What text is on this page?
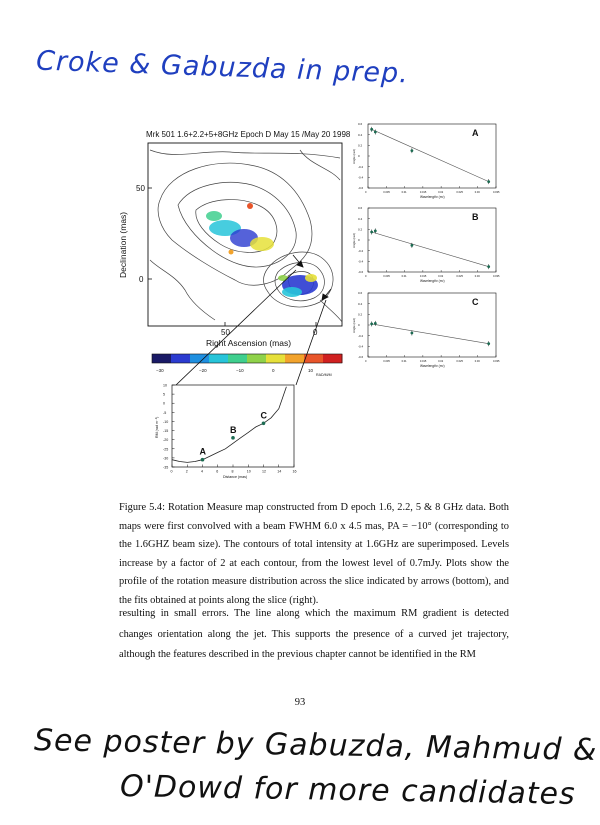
Croke & Gabuzda in prep.
Mrk 501 1.6+2.2+5+8GHz Epoch D May 15 /May 20 1998
50	0
50
0
Right Ascension (mas)
Declination (mas)
−30	−20	−10	0	10
RAD/M/M
0.6
0.4
0.2
0
-0.2
-0.4
-0.6
0	0.005	0.01	0.015	0.02	0.025	0.03	0.035
A
Angle (rad)
Wavelength² (m²)
0.6
0.4
0.2
0
-0.2
-0.4
-0.6
0	0.005	0.01	0.015	0.02	0.025	0.03	0.035
B
Angle (rad)
Wavelength² (m²)
0.6
0.4
0.2
0
-0.2
-0.4
-0.6
0	0.005	0.01	0.015	0.02	0.025	0.03	0.035
C
Angle (rad)
Wavelength² (m²)
10
5
0
-5
-10
-15
-20
-25
-30
-35
0	2	4	6	8	10	12	14	16
A
B
C
RM (rad m⁻²)
Distance (mas)
Figure 5.4: Rotation Measure map constructed from D epoch 1.6, 2.2, 5 & 8 GHz data. Both maps were first convolved with a beam FWHM 6.0 x 4.5 mas, PA = −10° (corresponding to the 1.6GHZ beam size). The contours of total intensity at 1.6GHz are superimposed. Levels increase by a factor of 2 at each contour, from the lowest level of 0.7mJy. Plots show the profile of the rotation measure distribution across the slice indicated by arrows (bottom), and the fits obtained at points along the slice (right).
resulting in small errors. The line along which the maximum RM gradient is detected changes orientation along the jet. This supports the presence of a curved jet trajectory, although the features described in the previous chapter cannot be identified in the RM
93
See poster by Gabuzda, Mahmud &
O'Dowd for more candidates
